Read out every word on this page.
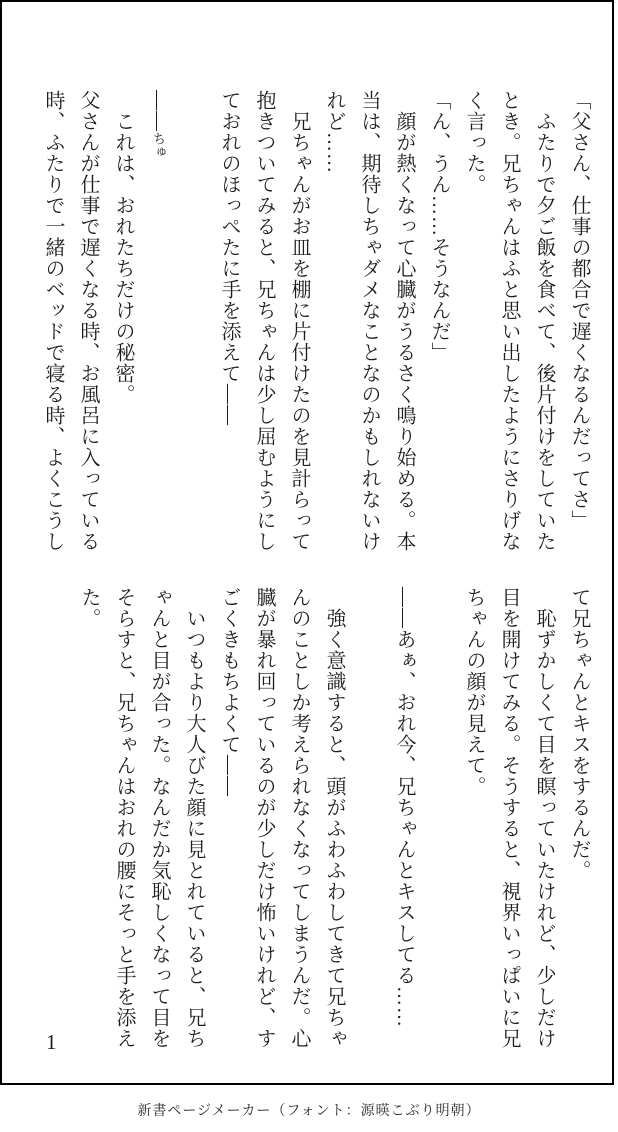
「父さん、仕事の都合で遅くなるんだってさ」
　ふたりで夕ご飯を食べて、後片付けをしていた
とき。兄ちゃんはふと思い出したようにさりげな
く言った。
「ん、うん……そうなんだ」
　顔が熱くなって心臓がうるさく鳴り始める。本
当は、期待しちゃダメなことなのかもしれないけ
れど……
　兄ちゃんがお皿を棚に片付けたのを見計らって
抱きついてみると、兄ちゃんは少し屈むようにし
ておれのほっぺたに手を添えて——

——ちゅ
　これは、おれたちだけの秘密。
父さんが仕事で遅くなる時、お風呂に入っている
時、ふたりで一緒のベッドで寝る時、よくこうし
て兄ちゃんとキスをするんだ。
　恥ずかしくて目を瞑っていたけれど、少しだけ
目を開けてみる。そうすると、視界いっぱいに兄
ちゃんの顔が見えて。

——あぁ、おれ今、兄ちゃんとキスしてる……

　強く意識すると、頭がふわふわしてきて兄ちゃ
んのことしか考えられなくなってしまうんだ。心
臓が暴れ回っているのが少しだけ怖いけれど、す
ごくきもちよくて——
　いつもより大人びた顔に見とれていると、兄ち
ゃんと目が合った。なんだか気恥しくなって目を
そらすと、兄ちゃんはおれの腰にそっと手を添え
た。
1
新書ページメーカー（フォント：源暎こぶり明朝）
